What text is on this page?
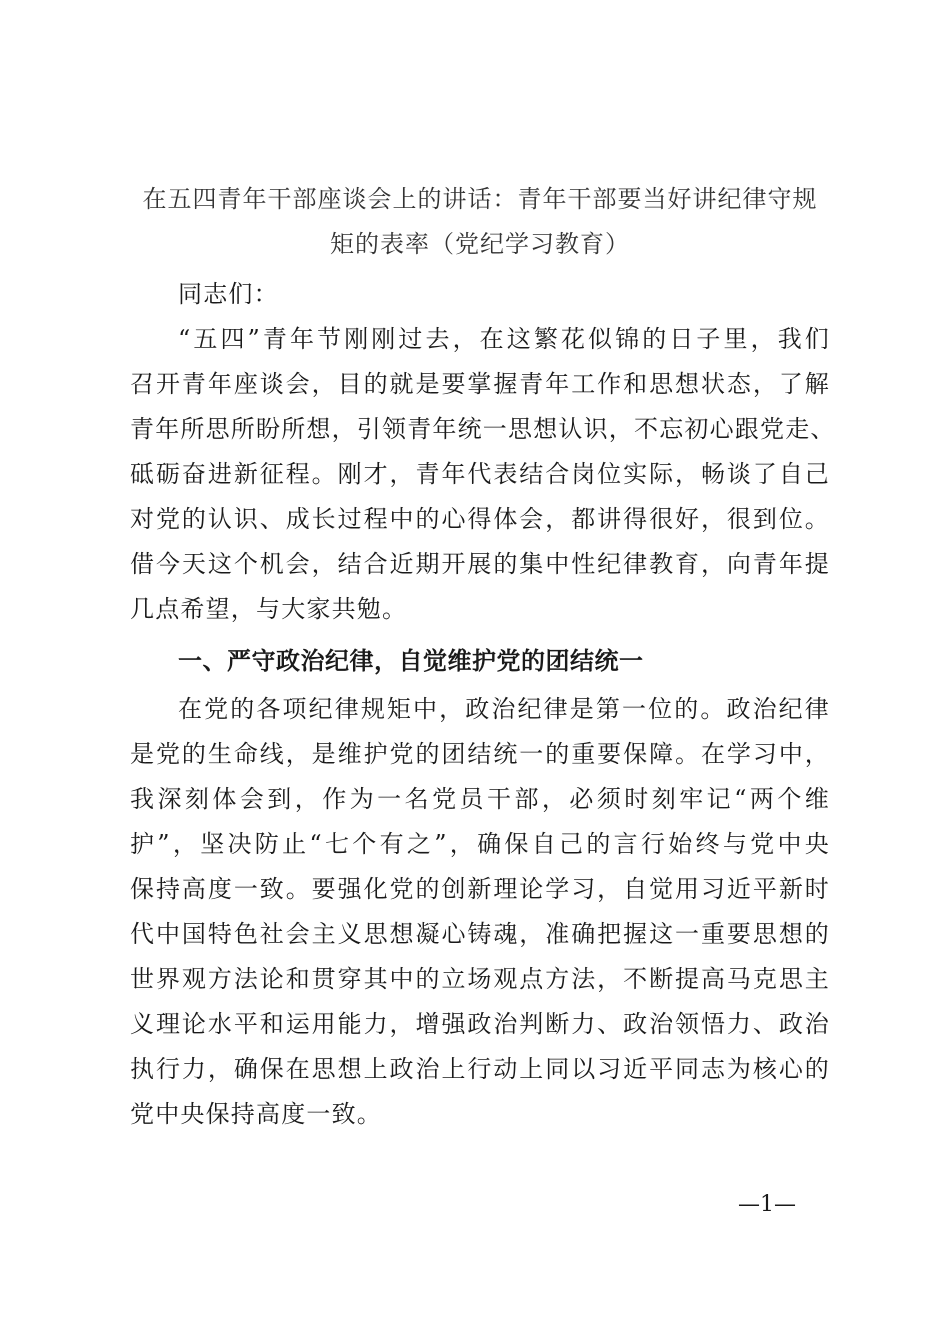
在五四青年干部座谈会上的讲话：青年干部要当好讲纪律守规
矩的表率（党纪学习教育）
同志们：
“五四”青年节刚刚过去，在这繁花似锦的日子里，我们
召开青年座谈会，目的就是要掌握青年工作和思想状态，了解
青年所思所盼所想，引领青年统一思想认识，不忘初心跟党走、
砥砺奋进新征程。刚才，青年代表结合岗位实际，畅谈了自己
对党的认识、成长过程中的心得体会，都讲得很好，很到位。
借今天这个机会，结合近期开展的集中性纪律教育，向青年提
几点希望，与大家共勉。
一、严守政治纪律，自觉维护党的团结统一
在党的各项纪律规矩中，政治纪律是第一位的。政治纪律
是党的生命线，是维护党的团结统一的重要保障。在学习中，
我深刻体会到，作为一名党员干部，必须时刻牢记“两个维
护”，坚决防止“七个有之”，确保自己的言行始终与党中央
保持高度一致。要强化党的创新理论学习，自觉用习近平新时
代中国特色社会主义思想凝心铸魂，准确把握这一重要思想的
世界观方法论和贯穿其中的立场观点方法，不断提高马克思主
义理论水平和运用能力，增强政治判断力、政治领悟力、政治
执行力，确保在思想上政治上行动上同以习近平同志为核心的
党中央保持高度一致。
—1—
